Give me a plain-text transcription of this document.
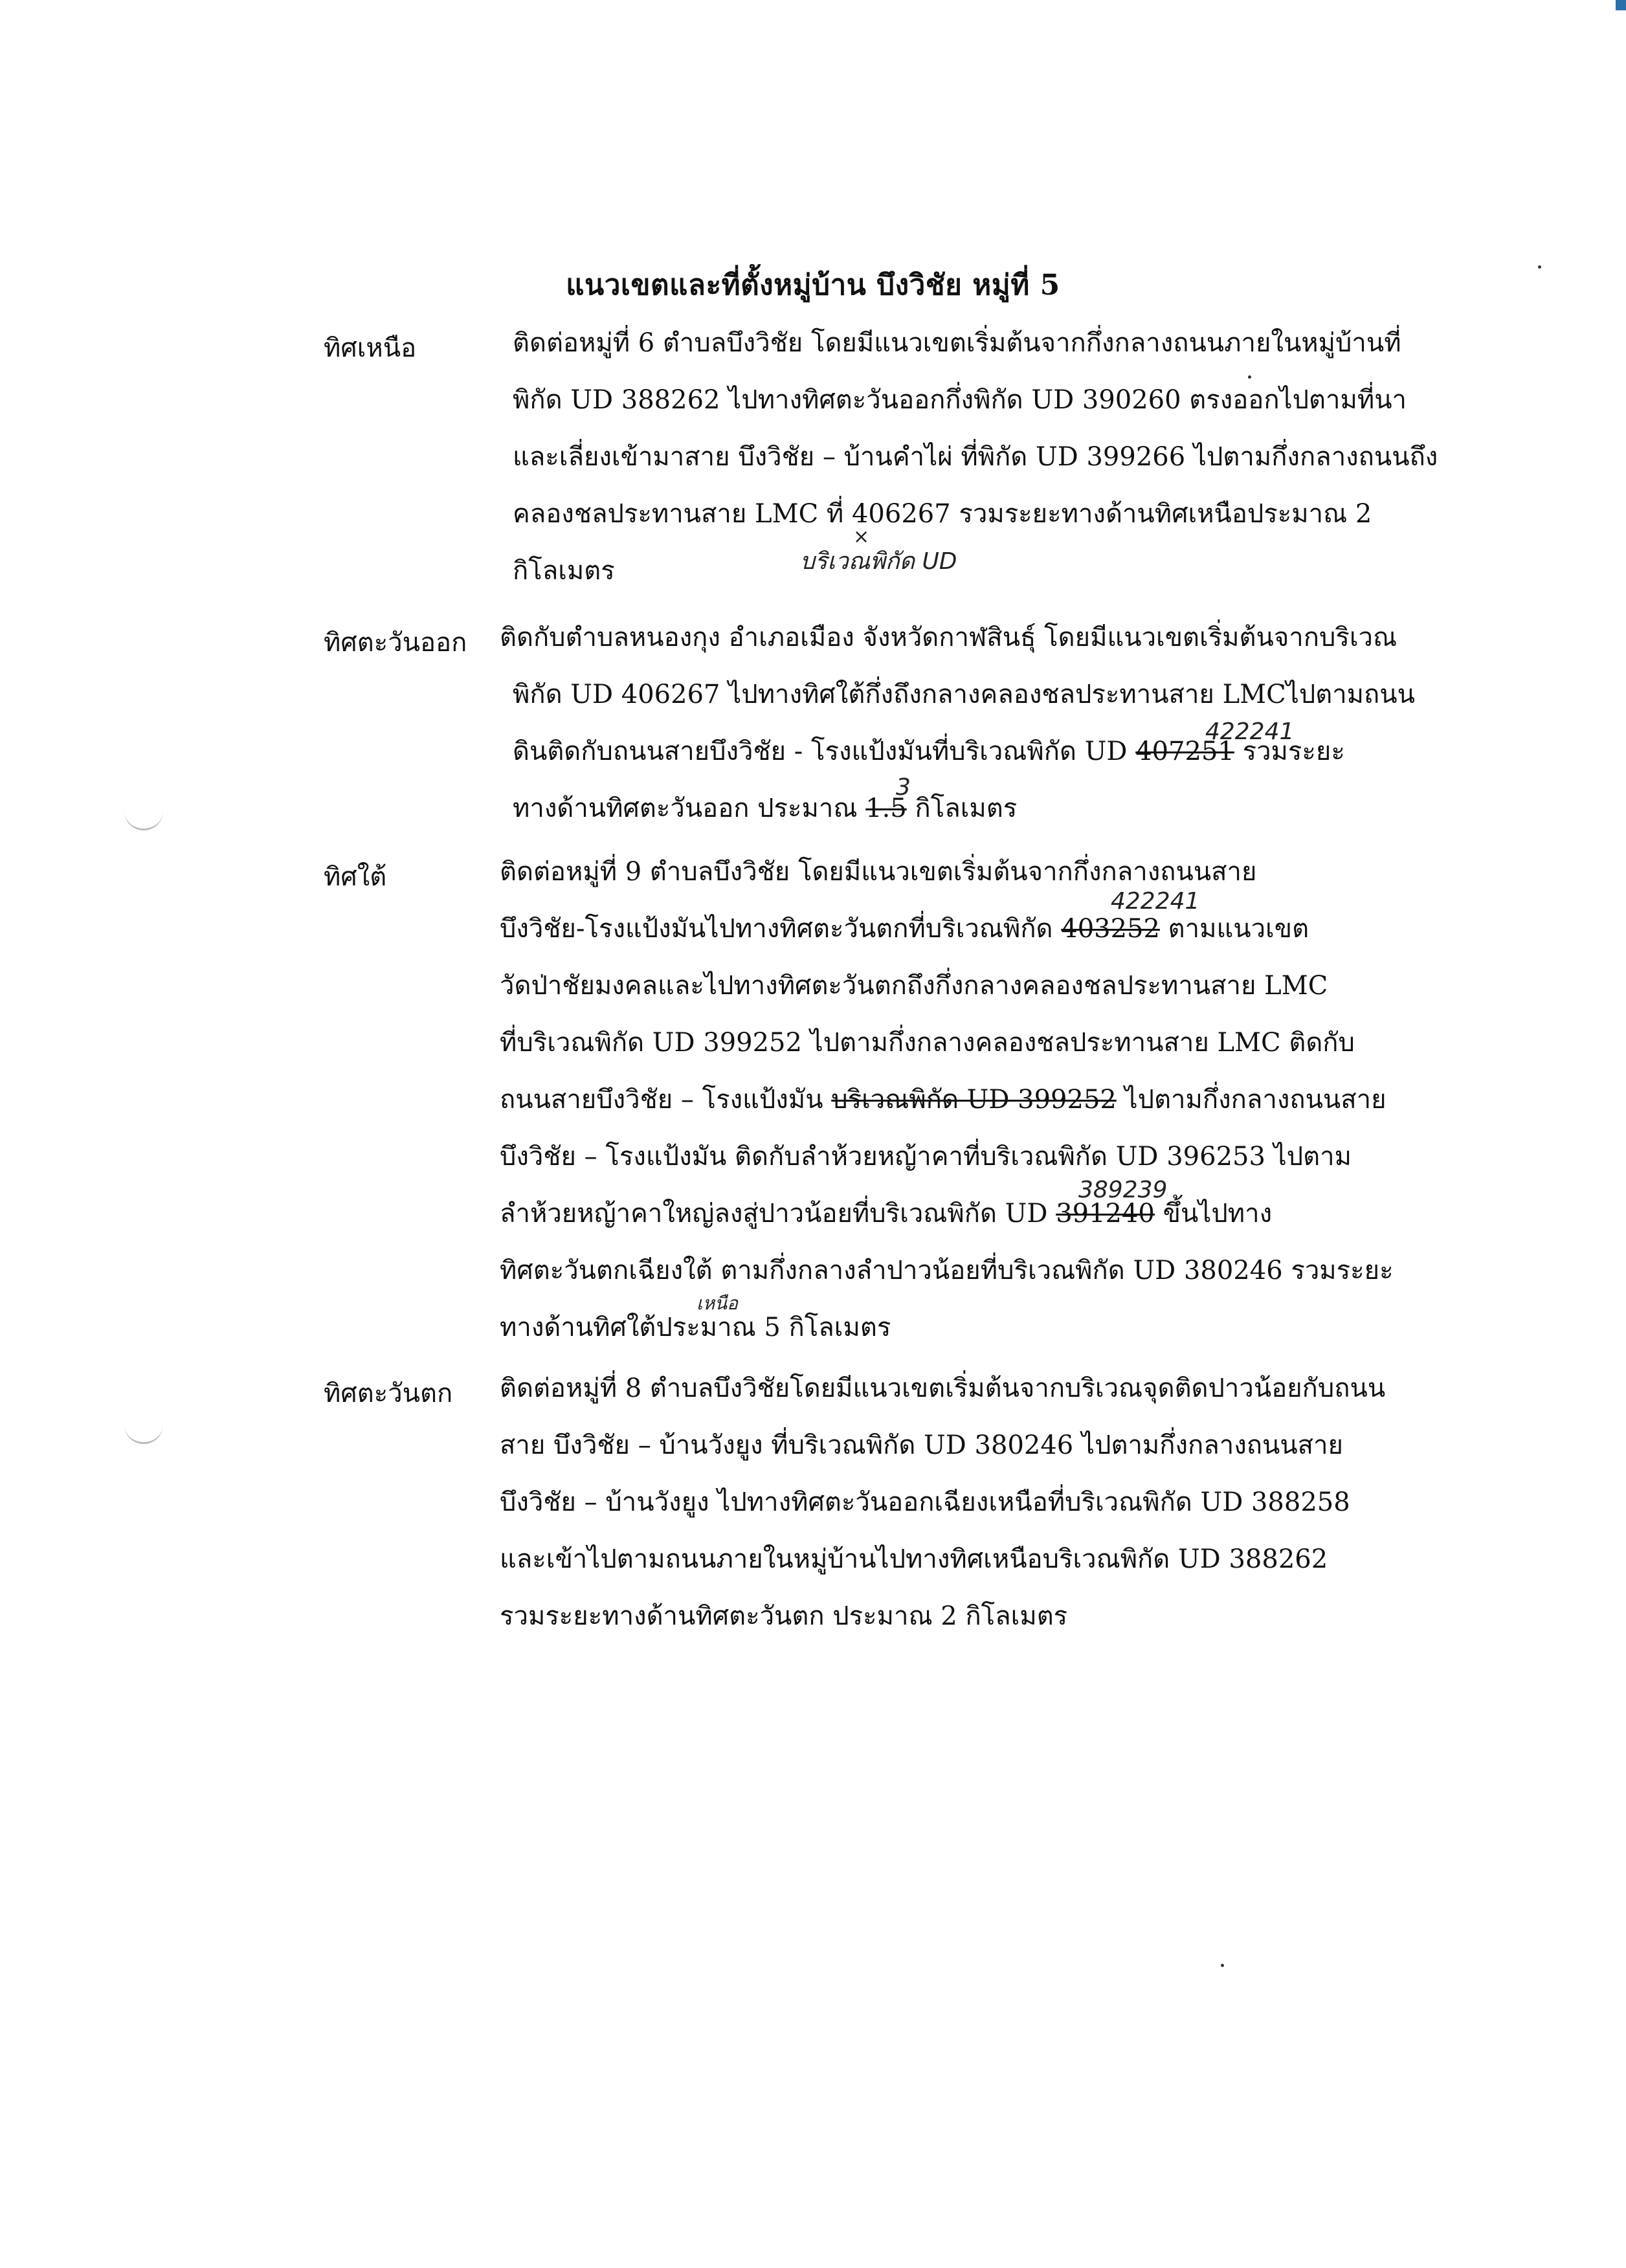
แนวเขตและที่ตั้งหมู่บ้าน บึงวิชัย หมู่ที่ 5
ทิศเหนือ	ติดต่อหมู่ที่ 6 ตำบลบึงวิชัย โดยมีแนวเขตเริ่มต้นจากกึ่งกลางถนนภายในหมู่บ้านที่
พิกัด UD 388262 ไปทางทิศตะวันออกกึ่งพิกัด UD 390260 ตรงออกไปตามที่นา
และเลี่ยงเข้ามาสาย บึงวิชัย – บ้านคำไผ่ ที่พิกัด UD 399266 ไปตามกึ่งกลางถนนถึง
คลองชลประทานสาย LMC ที่ 406267 รวมระยะทางด้านทิศเหนือประมาณ 2
×
บริเวณพิกัด UD
กิโลเมตร
ทิศตะวันออก ติดกับตำบลหนองกุง อำเภอเมือง จังหวัดกาฬสินธุ์ โดยมีแนวเขตเริ่มต้นจากบริเวณ
พิกัด UD 406267 ไปทางทิศใต้กึ่งถึงกลางคลองชลประทานสาย LMCไปตามถนน
422241
ดินติดกับถนนสายบึงวิชัย - โรงแป้งมันที่บริเวณพิกัด UD 407251 รวมระยะ
3
ทางด้านทิศตะวันออก ประมาณ 1.5 กิโลเมตร
ทิศใต้	ติดต่อหมู่ที่ 9 ตำบลบึงวิชัย โดยมีแนวเขตเริ่มต้นจากกึ่งกลางถนนสาย
422241
บึงวิชัย-โรงแป้งมันไปทางทิศตะวันตกที่บริเวณพิกัด 403252 ตามแนวเขต
วัดป่าชัยมงคลและไปทางทิศตะวันตกถึงกึ่งกลางคลองชลประทานสาย LMC
ที่บริเวณพิกัด UD 399252 ไปตามกึ่งกลางคลองชลประทานสาย LMC ติดกับ
ถนนสายบึงวิชัย – โรงแป้งมัน บริเวณพิกัด UD 399252 ไปตามกึ่งกลางถนนสาย
บึงวิชัย – โรงแป้งมัน ติดกับลำห้วยหญ้าคาที่บริเวณพิกัด UD 396253 ไปตาม
389239
ลำห้วยหญ้าคาใหญ่ลงสู่ปาวน้อยที่บริเวณพิกัด UD 391240 ขึ้นไปทาง
ทิศตะวันตกเฉียงใต้ ตามกึ่งกลางลำปาวน้อยที่บริเวณพิกัด UD 380246 รวมระยะ
เหนือ
ทางด้านทิศใต้ประมาณ 5 กิโลเมตร
ทิศตะวันตก ติดต่อหมู่ที่ 8 ตำบลบึงวิชัยโดยมีแนวเขตเริ่มต้นจากบริเวณจุดติดปาวน้อยกับถนน
สาย บึงวิชัย – บ้านวังยูง ที่บริเวณพิกัด UD 380246 ไปตามกึ่งกลางถนนสาย
บึงวิชัย – บ้านวังยูง ไปทางทิศตะวันออกเฉียงเหนือที่บริเวณพิกัด UD 388258
และเข้าไปตามถนนภายในหมู่บ้านไปทางทิศเหนือบริเวณพิกัด UD 388262
รวมระยะทางด้านทิศตะวันตก ประมาณ 2 กิโลเมตร
